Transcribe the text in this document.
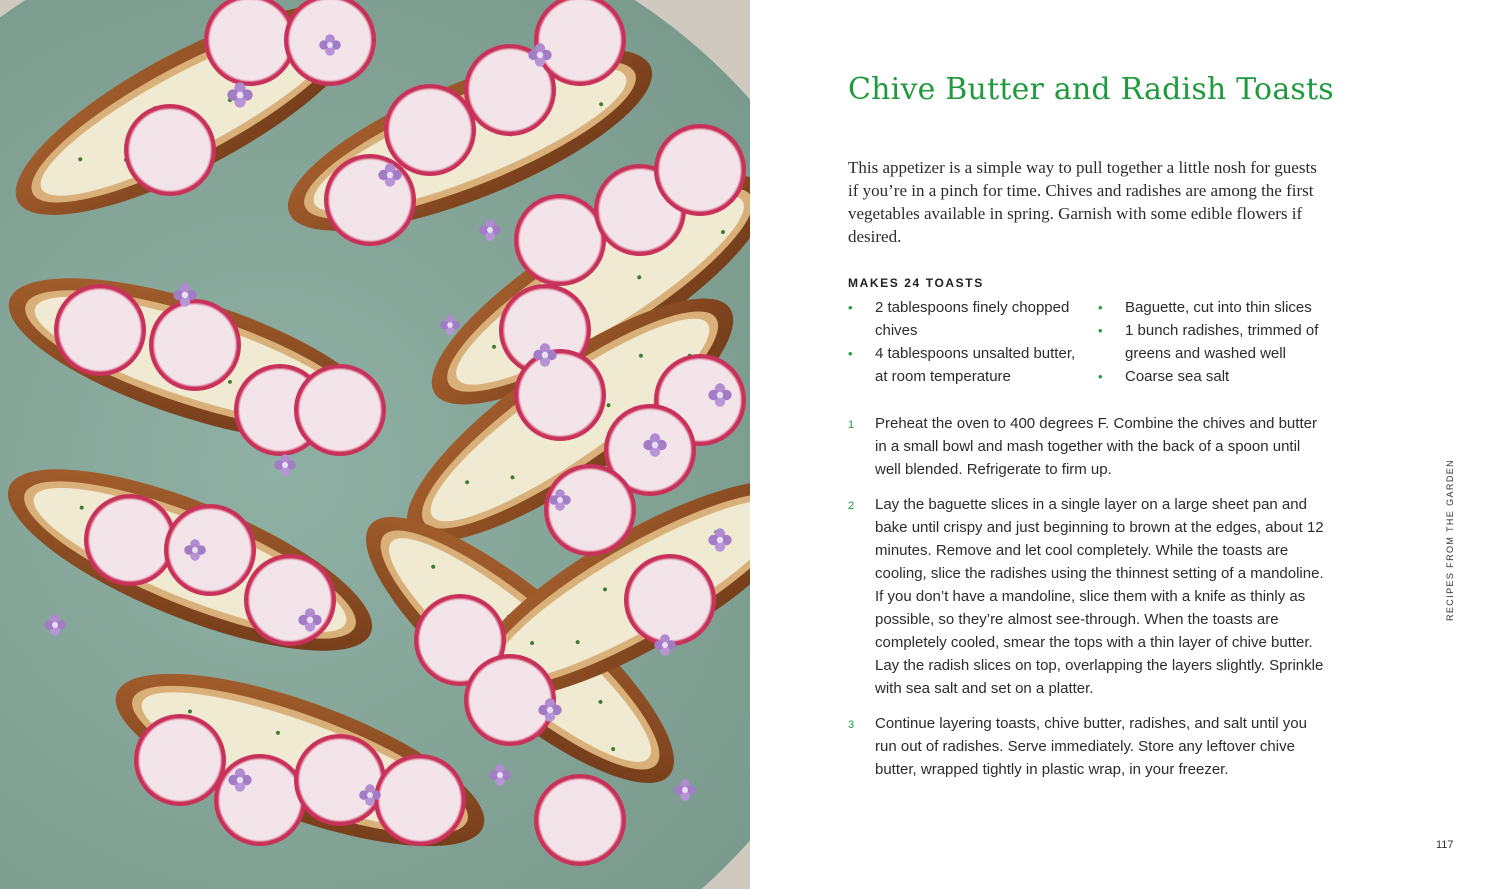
Chive Butter and Radish Toasts

This appetizer is a simple way to pull together a little nosh for guests if you’re in a pinch for time. Chives and radishes are among the first vegetables available in spring. Garnish with some edible flowers if desired.

MAKES 24 TOASTS

• 2 tablespoons finely chopped chives
• 4 tablespoons unsalted butter, at room temperature
• Baguette, cut into thin slices
• 1 bunch radishes, trimmed of greens and washed well
• Coarse sea salt
1 Preheat the oven to 400 degrees F. Combine the chives and butter in a small bowl and mash together with the back of a spoon until well blended. Refrigerate to firm up.
2 Lay the baguette slices in a single layer on a large sheet pan and bake until crispy and just beginning to brown at the edges, about 12 minutes. Remove and let cool completely. While the toasts are cooling, slice the radishes using the thinnest setting of a mandoline. If you don’t have a mandoline, slice them with a knife as thinly as possible, so they’re almost see-through. When the toasts are completely cooled, smear the tops with a thin layer of chive butter. Lay the radish slices on top, overlapping the layers slightly. Sprinkle with sea salt and set on a platter.
3 Continue layering toasts, chive butter, radishes, and salt until you run out of radishes. Serve immediately. Store any leftover chive butter, wrapped tightly in plastic wrap, in your freezer.
RECIPES FROM THE GARDEN
117
